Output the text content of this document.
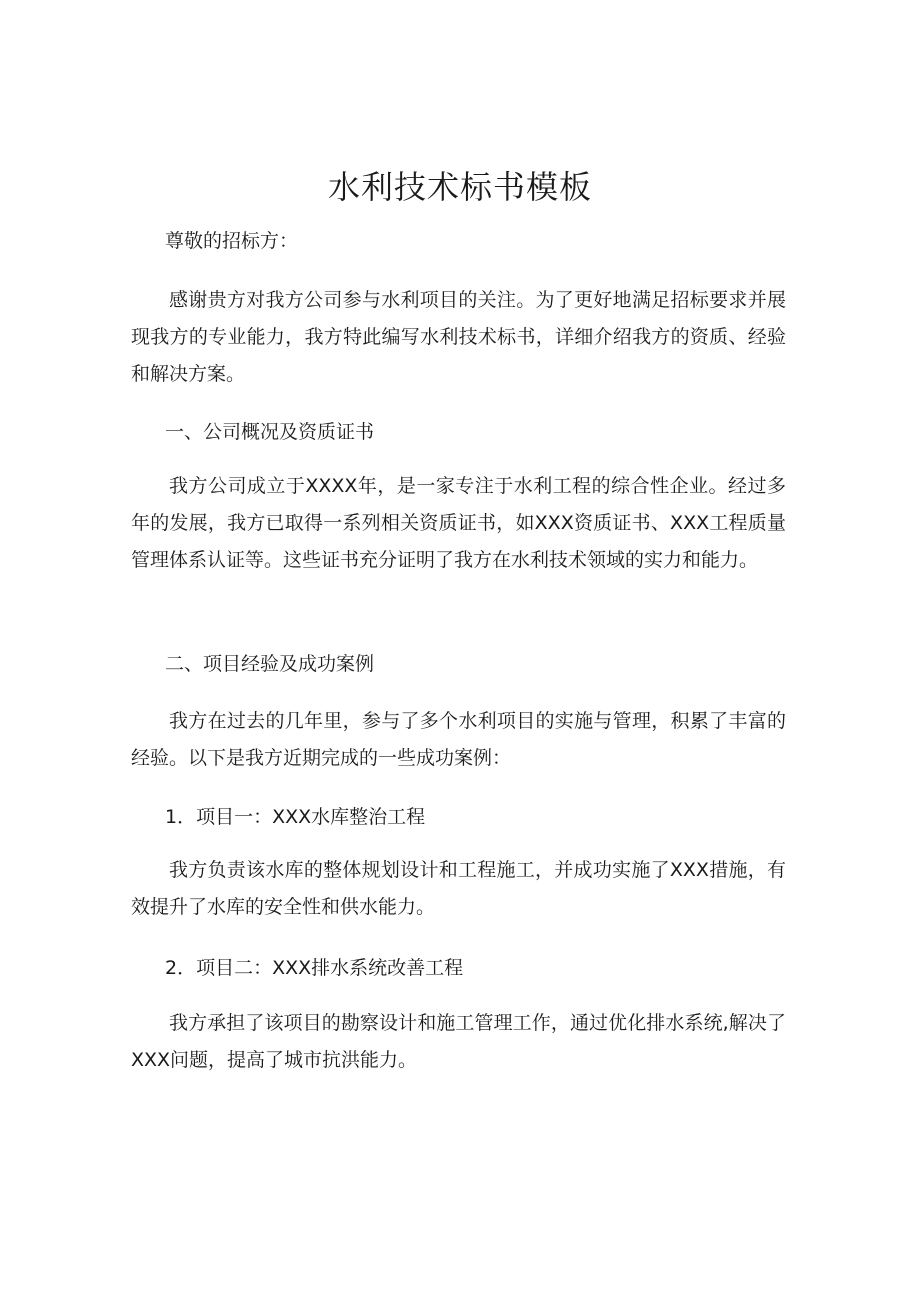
水利技术标书模板

尊敬的招标方：

感谢贵方对我方公司参与水利项目的关注。为了更好地满足招标要求并展现我方的专业能力，我方特此编写水利技术标书，详细介绍我方的资质、经验和解决方案。

一、公司概况及资质证书

我方公司成立于XXXX年，是一家专注于水利工程的综合性企业。经过多年的发展，我方已取得一系列相关资质证书，如XXX资质证书、XXX工程质量管理体系认证等。这些证书充分证明了我方在水利技术领域的实力和能力。

二、项目经验及成功案例

我方在过去的几年里，参与了多个水利项目的实施与管理，积累了丰富的经验。以下是我方近期完成的一些成功案例：

1．项目一：XXX水库整治工程

我方负责该水库的整体规划设计和工程施工，并成功实施了XXX措施，有效提升了水库的安全性和供水能力。

2．项目二：XXX排水系统改善工程

我方承担了该项目的勘察设计和施工管理工作，通过优化排水系统,解决了XXX问题，提高了城市抗洪能力。
